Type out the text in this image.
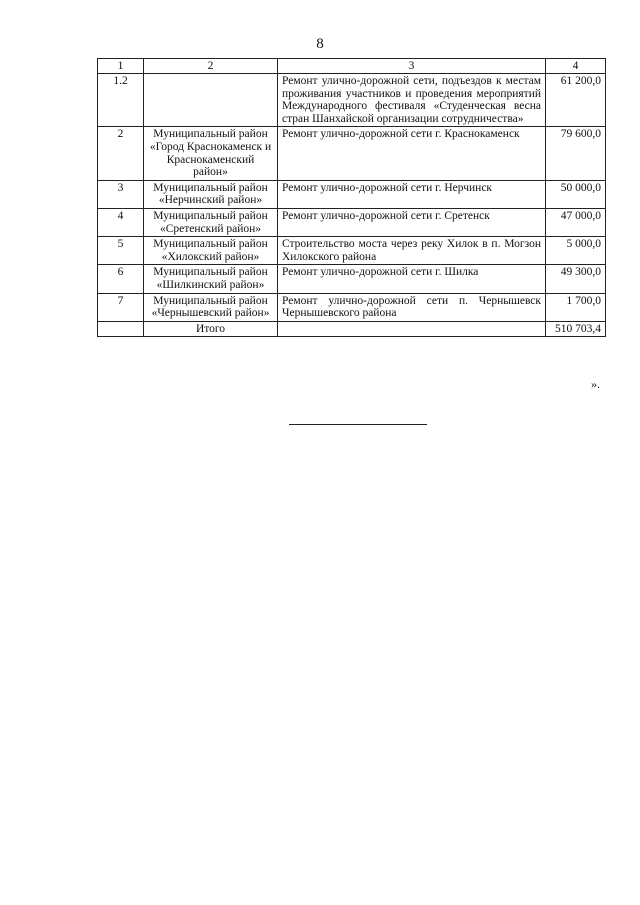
8
1	2	3	4
1.2		Ремонт улично-дорожной сети, подъездов к местам проживания участников и проведения мероприятий Международного фестиваля «Студенческая весна стран Шанхайской организации сотрудничества»	61 200,0
2	Муниципальный район «Город Краснокаменск и Краснокаменский район»	Ремонт улично-дорожной сети г. Краснокаменск	79 600,0
3	Муниципальный район «Нерчинский район»	Ремонт улично-дорожной сети г. Нерчинск	50 000,0
4	Муниципальный район «Сретенский район»	Ремонт улично-дорожной сети г. Сретенск	47 000,0
5	Муниципальный район «Хилокский район»	Строительство моста через реку Хилок в п. Могзон Хилокского района	5 000,0
6	Муниципальный район «Шилкинский район»	Ремонт улично-дорожной сети г. Шилка	49 300,0
7	Муниципальный район «Чернышевский район»	Ремонт улично-дорожной сети п. Чернышевск Чернышевского района	1 700,0
	Итого		510 703,4
».
